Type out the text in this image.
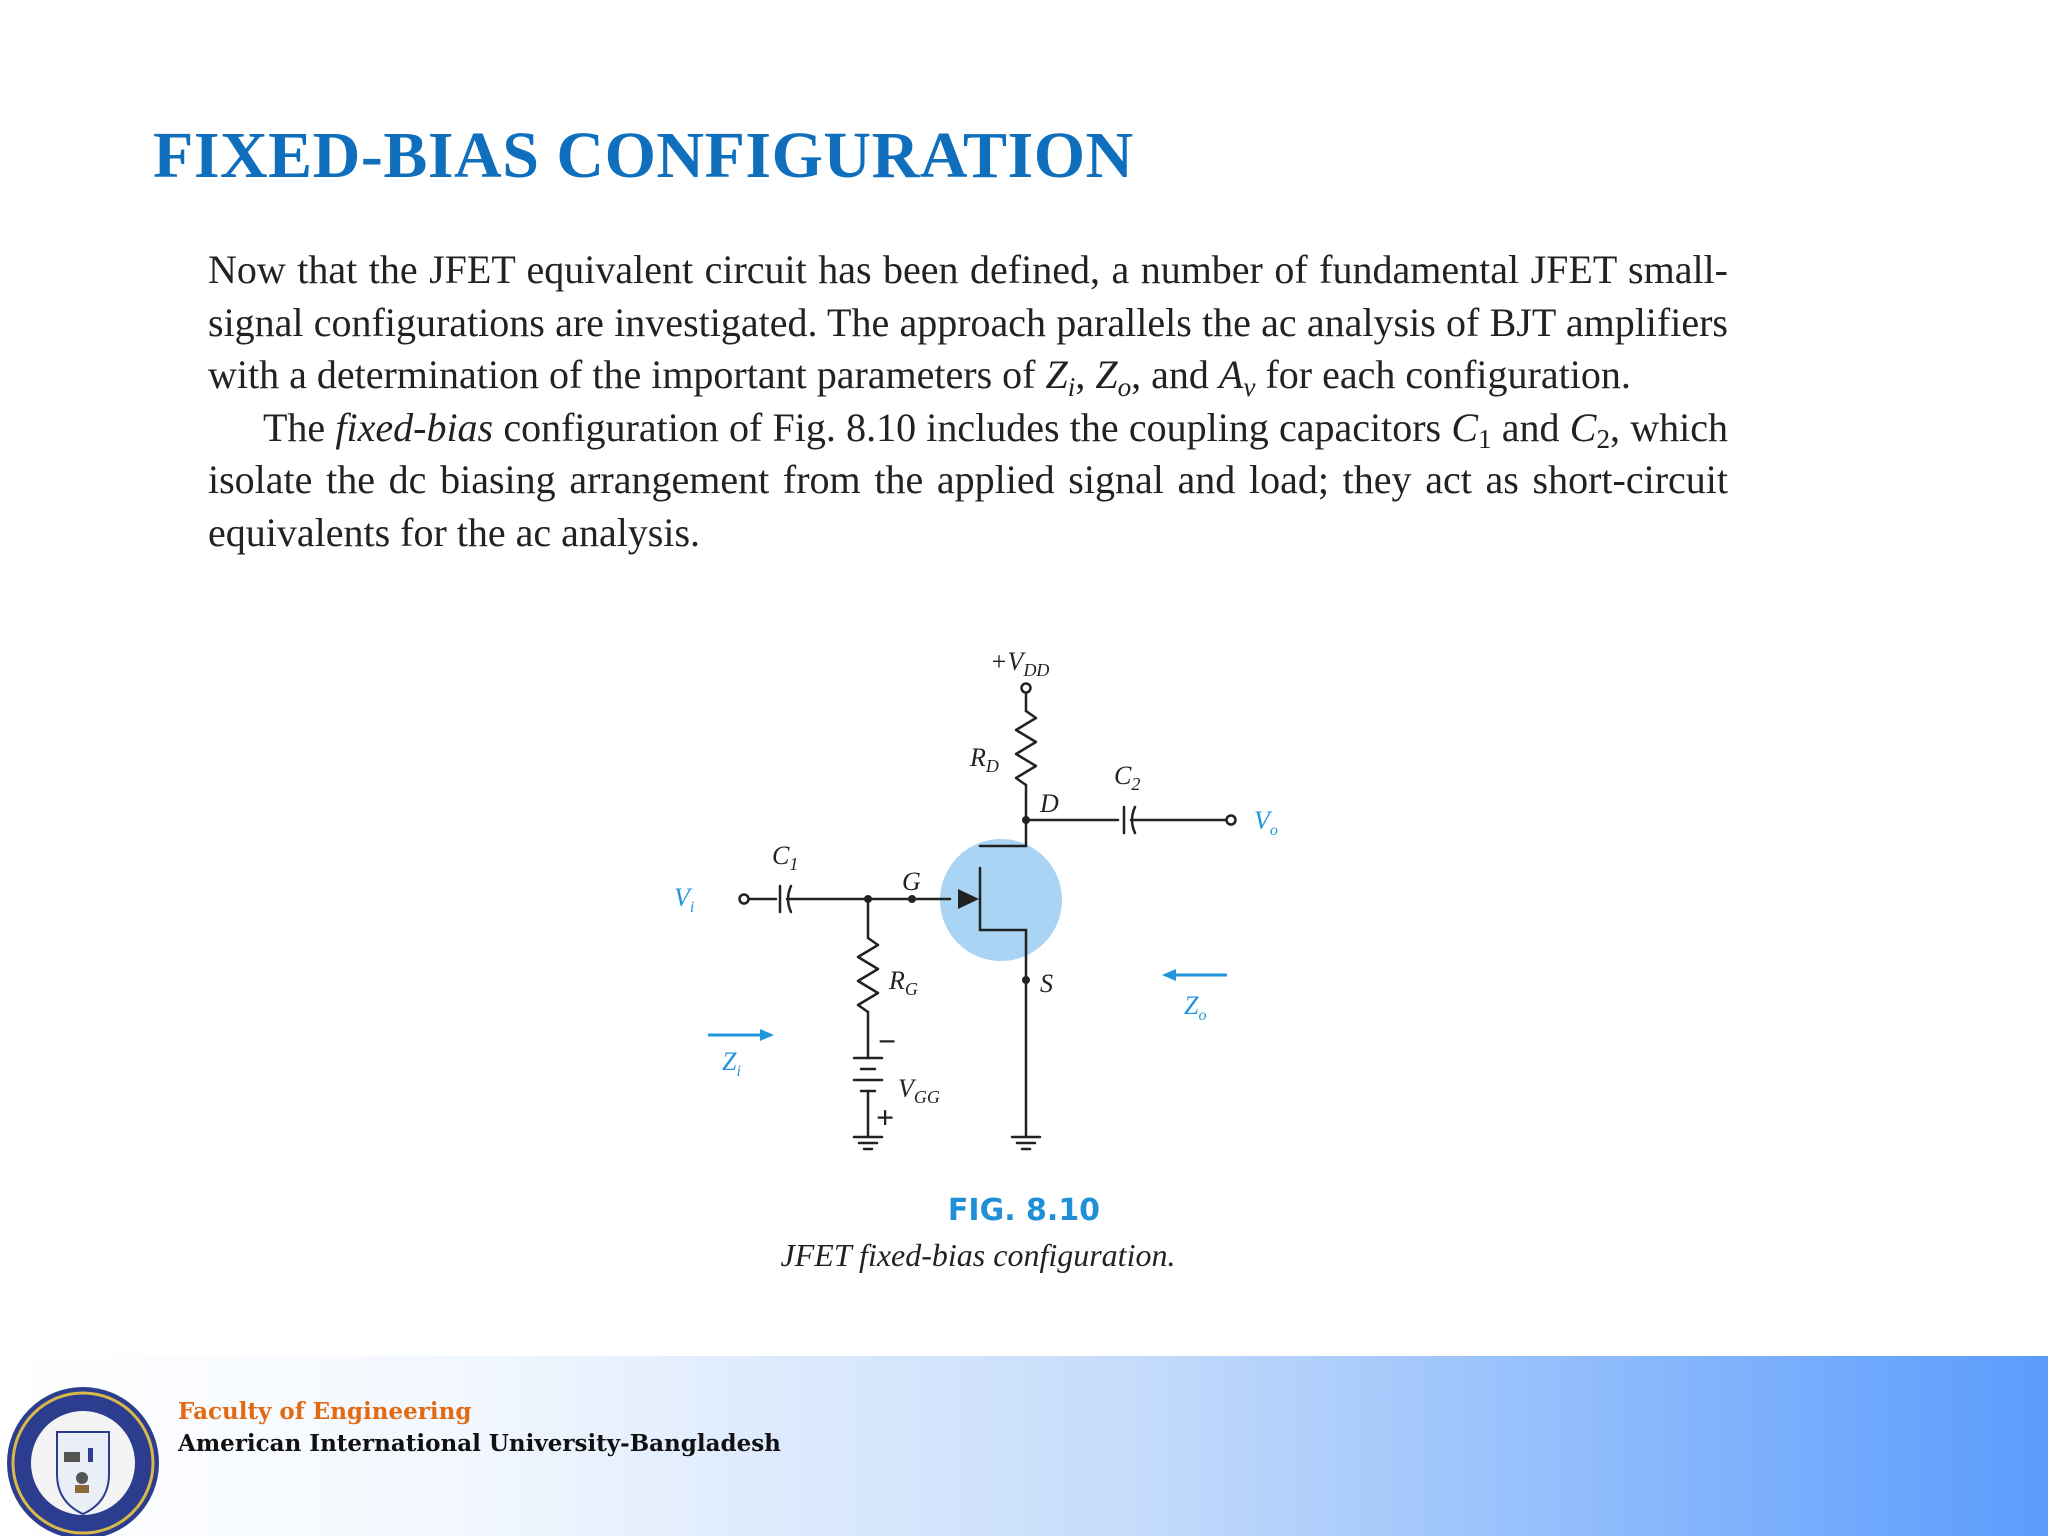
FIXED-BIAS CONFIGURATION

Now that the JFET equivalent circuit has been defined, a number of fundamental JFET small-signal configurations are investigated. The approach parallels the ac analysis of BJT amplifiers with a determination of the important parameters of $Z_i$, $Z_o$, and $A_v$ for each configuration.

The fixed-bias configuration of Fig. 8.10 includes the coupling capacitors $C_1$ and $C_2$, which isolate the dc biasing arrangement from the applied signal and load; they act as short-circuit equivalents for the ac analysis.

$+V_{DD}$
$R_D$
D
$C_2$
$V_o$
$C_1$
$V_i$
G
$R_G$	S
$Z_o$
$Z_i$
−
$V_{GG}$
+
FIG. 8.10
JFET fixed-bias configuration.
Faculty of Engineering
American International University-Bangladesh
